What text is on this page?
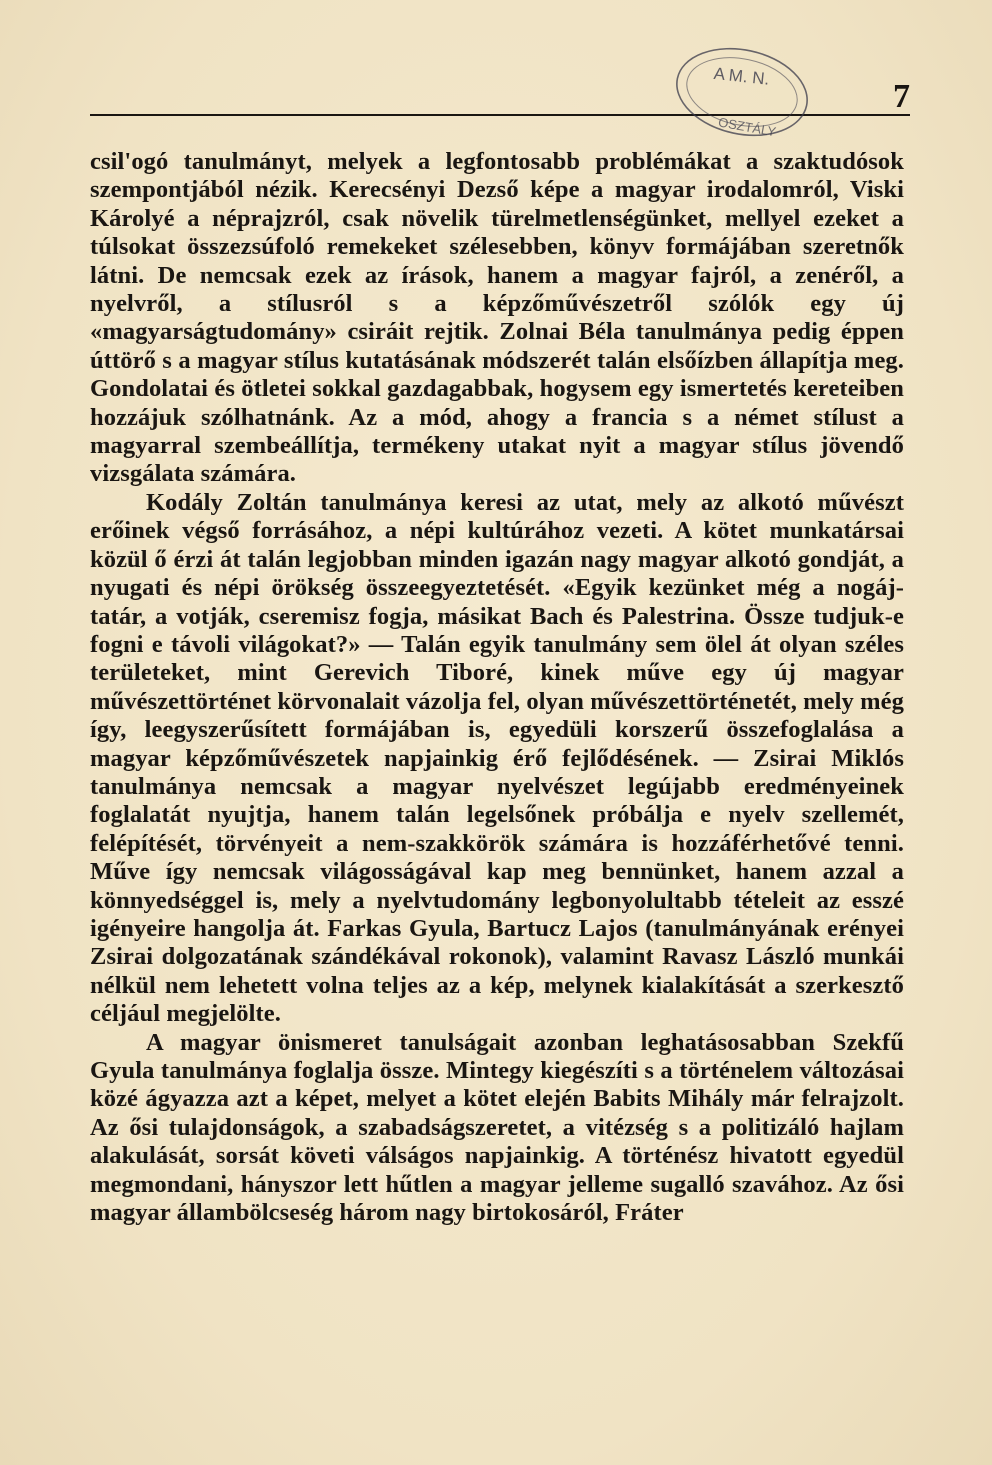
7
A M. N.
OSZTÁLY

csil'ogó tanulmányt, melyek a legfontosabb problémákat a szaktudósok szempontjából nézik. Kerecsényi Dezső képe a magyar irodalomról, Viski Károlyé a néprajzról, csak növelik türelmetlenségünket, mellyel ezeket a túlsokat összezsúfoló remekeket szélesebben, könyv formájában szeretnők látni. De nemcsak ezek az írások, hanem a magyar fajról, a zenéről, a nyelvről, a stílusról s a képzőművészetről szólók egy új «magyarságtudomány» csiráit rejtik. Zolnai Béla tanulmánya pedig éppen úttörő s a magyar stílus kutatásának módszerét talán elsőízben állapítja meg. Gondolatai és ötletei sokkal gazdagabbak, hogysem egy ismertetés kereteiben hozzájuk szólhatnánk. Az a mód, ahogy a francia s a német stílust a magyarral szembeállítja, termékeny utakat nyit a magyar stílus jövendő vizsgálata számára.

Kodály Zoltán tanulmánya keresi az utat, mely az alkotó művészt erőinek végső forrásához, a népi kultúrához vezeti. A kötet munkatársai közül ő érzi át talán legjobban minden igazán nagy magyar alkotó gondját, a nyugati és népi örökség összeegyeztetését. «Egyik kezünket még a nogáj-tatár, a votják, cseremisz fogja, másikat Bach és Palestrina. Össze tudjuk-e fogni e távoli világokat?» — Talán egyik tanulmány sem ölel át olyan széles területeket, mint Gerevich Tiboré, kinek műve egy új magyar művészettörténet körvonalait vázolja fel, olyan művészettörténetét, mely még így, leegyszerűsített formájában is, egyedüli korszerű összefoglalása a magyar képzőművészetek napjainkig érő fejlődésének. — Zsirai Miklós tanulmánya nemcsak a magyar nyelvészet legújabb eredményeinek foglalatát nyujtja, hanem talán legelsőnek próbálja e nyelv szellemét, felépítését, törvényeit a nem-szakkörök számára is hozzáférhetővé tenni. Műve így nemcsak világosságával kap meg bennünket, hanem azzal a könnyedséggel is, mely a nyelvtudomány legbonyolultabb tételeit az esszé igényeire hangolja át. Farkas Gyula, Bartucz Lajos (tanulmányának erényei Zsirai dolgozatának szándékával rokonok), valamint Ravasz László munkái nélkül nem lehetett volna teljes az a kép, melynek kialakítását a szerkesztő céljául megjelölte.

A magyar önismeret tanulságait azonban leghatásosabban Szekfű Gyula tanulmánya foglalja össze. Mintegy kiegészíti s a történelem változásai közé ágyazza azt a képet, melyet a kötet elején Babits Mihály már felrajzolt. Az ősi tulajdonságok, a szabadságszeretet, a vitézség s a politizáló hajlam alakulását, sorsát követi válságos napjainkig. A történész hivatott egyedül megmondani, hányszor lett hűtlen a magyar jelleme sugalló szavához. Az ősi magyar állambölcseség három nagy birtokosáról, Fráter
